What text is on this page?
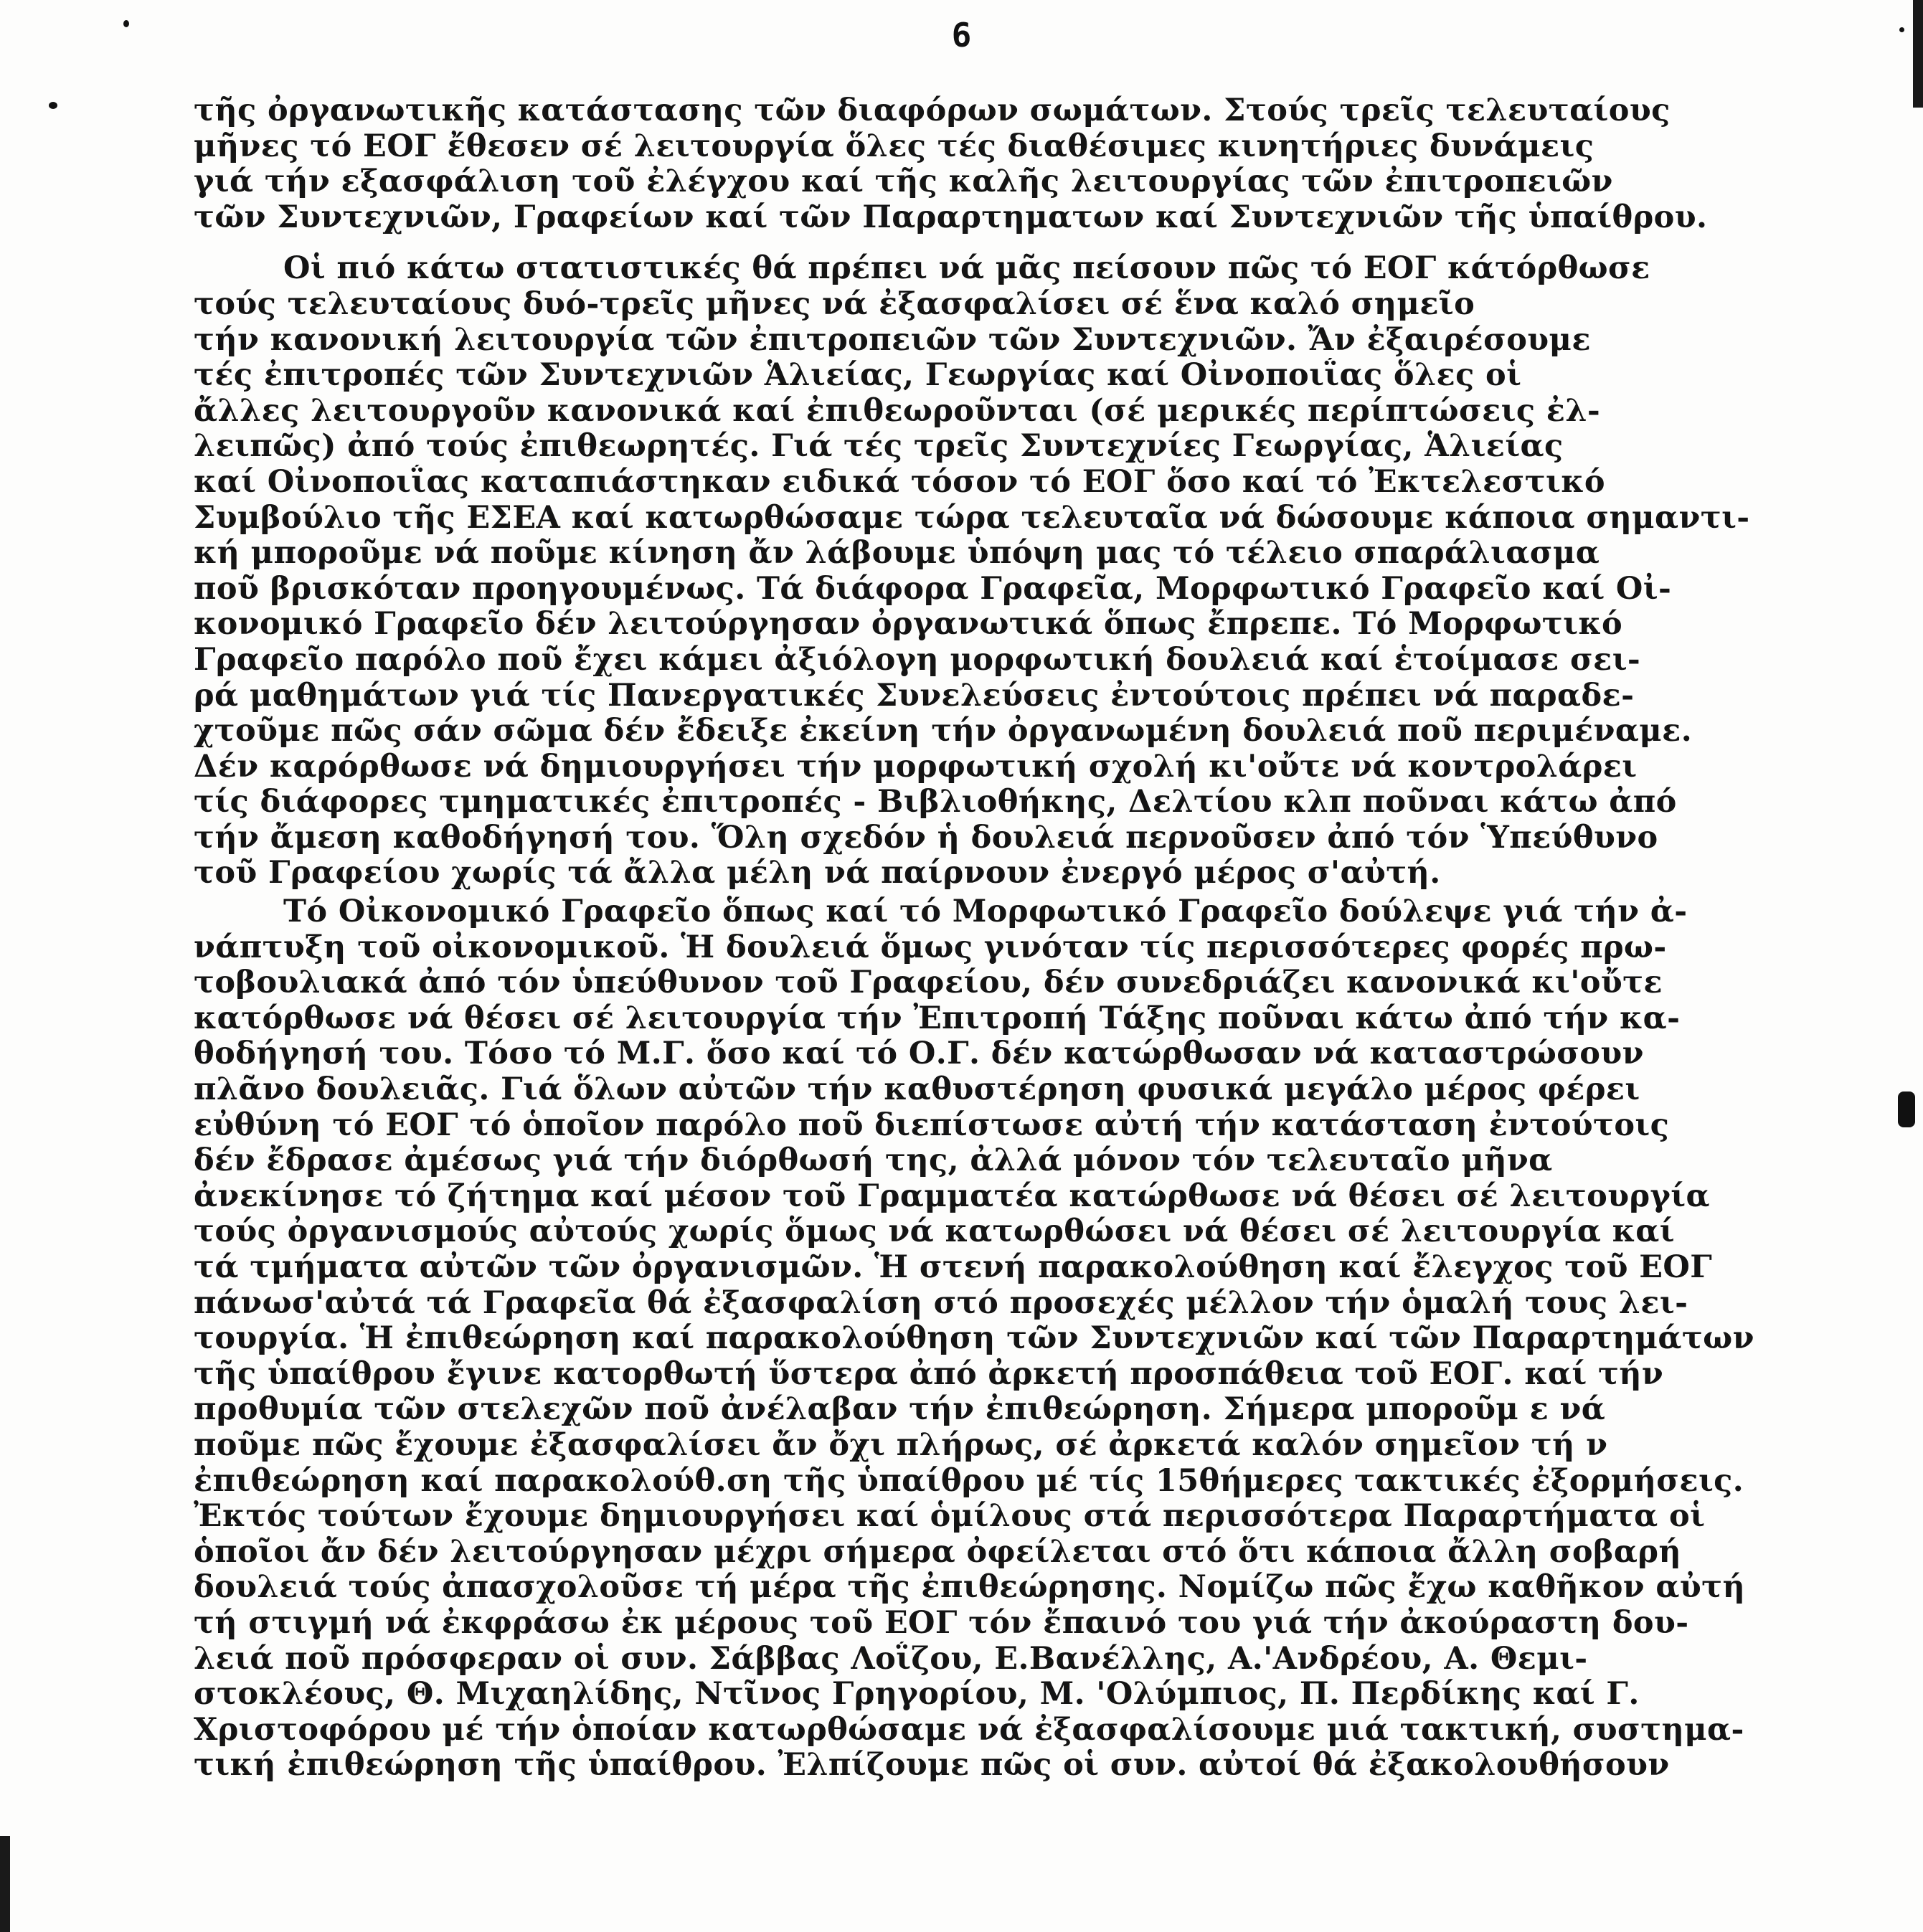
6
τῆς ὀργανωτικῆς κατάστασης τῶν διαφόρων σωμάτων. Στούς τρεῖς τελευταίους
μῆνες τό ΕΟΓ ἔθεσεν σέ λειτουργία ὅλες τές διαθέσιμες κινητήριες δυνάμεις
γιά τήν εξασφάλιση τοῦ ἐλέγχου καί τῆς καλῆς λειτουργίας τῶν ἐπιτροπειῶν
τῶν Συντεχνιῶν, Γραφείων καί τῶν Παραρτηματων καί Συντεχνιῶν τῆς ὑπαίθρου.
Οἱ πιό κάτω στατιστικές θά πρέπει νά μᾶς πείσουν πῶς τό ΕΟΓ κάτόρθωσε
τούς τελευταίους δυό-τρεῖς μῆνες νά ἐξασφαλίσει σέ ἕνα καλό σημεῖο
τήν κανονική λειτουργία τῶν ἐπιτροπειῶν τῶν Συντεχνιῶν. Ἄν ἐξαιρέσουμε
τές ἐπιτροπές τῶν Συντεχνιῶν Ἁλιείας, Γεωργίας καί Οἰνοποιΐας ὅλες οἱ
ἄλλες λειτουργοῦν κανονικά καί ἐπιθεωροῦνται (σέ μερικές περίπτώσεις ἐλ-
λειπῶς) ἀπό τούς ἐπιθεωρητές. Γιά τές τρεῖς Συντεχνίες Γεωργίας, Ἁλιείας
καί Οἰνοποιΐας καταπιάστηκαν ειδικά τόσον τό ΕΟΓ ὅσο καί τό Ἐκτελεστικό
Συμβούλιο τῆς ΕΣΕΑ καί κατωρθώσαμε τώρα τελευταῖα νά δώσουμε κάποια σημαντι-
κή μποροῦμε νά ποῦμε κίνηση ἄν λάβουμε ὑπόψη μας τό τέλειο σπαράλιασμα
ποῦ βρισκόταν προηγουμένως. Τά διάφορα Γραφεῖα, Μορφωτικό Γραφεῖο καί Οἰ-
κονομικό Γραφεῖο δέν λειτούργησαν ὀργανωτικά ὅπως ἔπρεπε. Τό Μορφωτικό
Γραφεῖο παρόλο ποῦ ἔχει κάμει ἀξιόλογη μορφωτική δουλειά καί ἑτοίμασε σει-
ρά μαθημάτων γιά τίς Πανεργατικές Συνελεύσεις ἐντούτοις πρέπει νά παραδε-
χτοῦμε πῶς σάν σῶμα δέν ἔδειξε ἐκείνη τήν ὀργανωμένη δουλειά ποῦ περιμέναμε.
Δέν καρόρθωσε νά δημιουργήσει τήν μορφωτική σχολή κι'οὔτε νά κοντρολάρει
τίς διάφορες τμηματικές ἐπιτροπές - Βιβλιοθήκης, Δελτίου κλπ ποῦναι κάτω ἀπό
τήν ἄμεση καθοδήγησή του. Ὅλη σχεδόν ἡ δουλειά περνοῦσεν ἀπό τόν Ὑπεύθυνο
τοῦ Γραφείου χωρίς τά ἄλλα μέλη νά παίρνουν ἐνεργό μέρος σ'αὐτή.
Τό Οἰκονομικό Γραφεῖο ὅπως καί τό Μορφωτικό Γραφεῖο δούλεψε γιά τήν ἀ-
νάπτυξη τοῦ οἰκονομικοῦ. Ἡ δουλειά ὅμως γινόταν τίς περισσότερες φορές πρω-
τοβουλιακά ἀπό τόν ὑπεύθυνον τοῦ Γραφείου, δέν συνεδριάζει κανονικά κι'οὔτε
κατόρθωσε νά θέσει σέ λειτουργία τήν Ἐπιτροπή Τάξης ποῦναι κάτω ἀπό τήν κα-
θοδήγησή του. Τόσο τό Μ.Γ. ὅσο καί τό Ο.Γ. δέν κατώρθωσαν νά καταστρώσουν
πλᾶνο δουλειᾶς. Γιά ὅλων αὐτῶν τήν καθυστέρηση φυσικά μεγάλο μέρος φέρει
εὐθύνη τό ΕΟΓ τό ὁποῖον παρόλο ποῦ διεπίστωσε αὐτή τήν κατάσταση ἐντούτοις
δέν ἔδρασε ἀμέσως γιά τήν διόρθωσή της, ἀλλά μόνον τόν τελευταῖο μῆνα
ἀνεκίνησε τό ζήτημα καί μέσον τοῦ Γραμματέα κατώρθωσε νά θέσει σέ λειτουργία
τούς ὀργανισμούς αὐτούς χωρίς ὅμως νά κατωρθώσει νά θέσει σέ λειτουργία καί
τά τμήματα αὐτῶν τῶν ὀργανισμῶν. Ἡ στενή παρακολούθηση καί ἔλεγχος τοῦ ΕΟΓ
πάνωσ'αὐτά τά Γραφεῖα θά ἐξασφαλίση στό προσεχές μέλλον τήν ὁμαλή τους λει-
τουργία. Ἡ ἐπιθεώρηση καί παρακολούθηση τῶν Συντεχνιῶν καί τῶν Παραρτημάτων
τῆς ὑπαίθρου ἔγινε κατορθωτή ὕστερα ἀπό ἀρκετή προσπάθεια τοῦ ΕΟΓ. καί τήν
προθυμία τῶν στελεχῶν ποῦ ἀνέλαβαν τήν ἐπιθεώρηση. Σήμερα μποροῦμ ε νά
ποῦμε πῶς ἔχουμε ἐξασφαλίσει ἄν ὄχι πλήρως, σέ ἀρκετά καλόν σημεῖον τή ν
ἐπιθεώρηση καί παρακολούθ.ση τῆς ὑπαίθρου μέ τίς 15θήμερες τακτικές ἐξορμήσεις.
Ἐκτός τούτων ἔχουμε δημιουργήσει καί ὁμίλους στά περισσότερα Παραρτήματα οἱ
ὁποῖοι ἄν δέν λειτούργησαν μέχρι σήμερα ὀφείλεται στό ὅτι κάποια ἄλλη σοβαρή
δουλειά τούς ἀπασχολοῦσε τή μέρα τῆς ἐπιθεώρησης. Νομίζω πῶς ἔχω καθῆκον αὐτή
τή στιγμή νά ἐκφράσω ἐκ μέρους τοῦ ΕΟΓ τόν ἔπαινό του γιά τήν ἀκούραστη δου-
λειά ποῦ πρόσφεραν οἱ συν. Σάββας Λοΐζου, Ε.Βανέλλης, Α.'Ανδρέου, Α. Θεμι-
στοκλέους, Θ. Μιχαηλίδης, Ντῖνος Γρηγορίου, Μ. 'Ολύμπιος, Π. Περδίκης καί Γ.
Χριστοφόρου μέ τήν ὁποίαν κατωρθώσαμε νά ἐξασφαλίσουμε μιά τακτική, συστημα-
τική ἐπιθεώρηση τῆς ὑπαίθρου. Ἐλπίζουμε πῶς οἱ συν. αὐτοί θά ἐξακολουθήσουν
